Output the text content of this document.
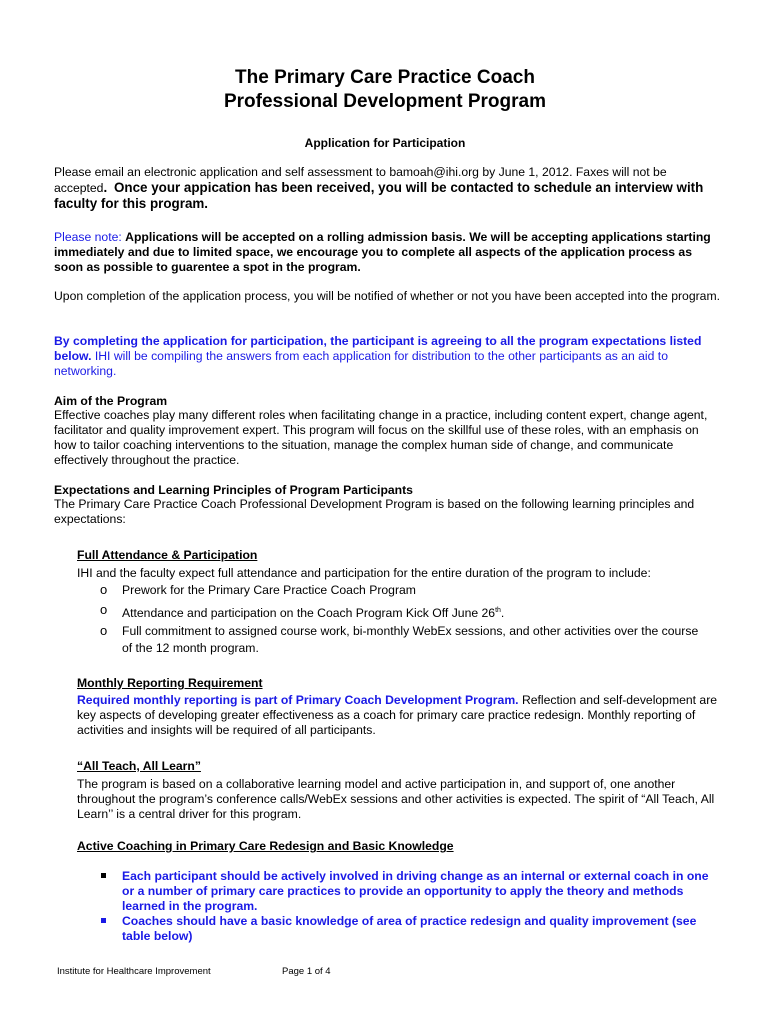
The Primary Care Practice Coach
Professional Development Program
Application for Participation
Please email an electronic application and self assessment to bamoah@ihi.org by June 1, 2012. Faxes will not be accepted. Once your appication has been received, you will be contacted to schedule an interview with faculty for this program.
Please note: Applications will be accepted on a rolling admission basis. We will be accepting applications starting immediately and due to limited space, we encourage you to complete all aspects of the application process as soon as possible to guarentee a spot in the program.
Upon completion of the application process, you will be notified of whether or not you have been accepted into the program.
By completing the application for participation, the participant is agreeing to all the program expectations listed below. IHI will be compiling the answers from each application for distribution to the other participants as an aid to networking.
Aim of the Program
Effective coaches play many different roles when facilitating change in a practice, including content expert, change agent, facilitator and quality improvement expert. This program will focus on the skillful use of these roles, with an emphasis on how to tailor coaching interventions to the situation, manage the complex human side of change, and communicate effectively throughout the practice.
Expectations and Learning Principles of Program Participants
The Primary Care Practice Coach Professional Development Program is based on the following learning principles and expectations:
Full Attendance & Participation
IHI and the faculty expect full attendance and participation for the entire duration of the program to include:
o Prework for the Primary Care Practice Coach Program
o Attendance and participation on the Coach Program Kick Off June 26th.
o Full commitment to assigned course work, bi-monthly WebEx sessions, and other activities over the course of the 12 month program.
Monthly Reporting Requirement
Required monthly reporting is part of Primary Coach Development Program. Reflection and self-development are key aspects of developing greater effectiveness as a coach for primary care practice redesign. Monthly reporting of activities and insights will be required of all participants.
“All Teach, All Learn”
The program is based on a collaborative learning model and active participation in, and support of, one another throughout the program’s conference calls/WebEx sessions and other activities is expected. The spirit of “All Teach, All Learn’’ is a central driver for this program.
Active Coaching in Primary Care Redesign and Basic Knowledge
Each participant should be actively involved in driving change as an internal or external coach in one or a number of primary care practices to provide an opportunity to apply the theory and methods learned in the program.
Coaches should have a basic knowledge of area of practice redesign and quality improvement (see table below)
Institute for Healthcare Improvement	Page 1 of 4
